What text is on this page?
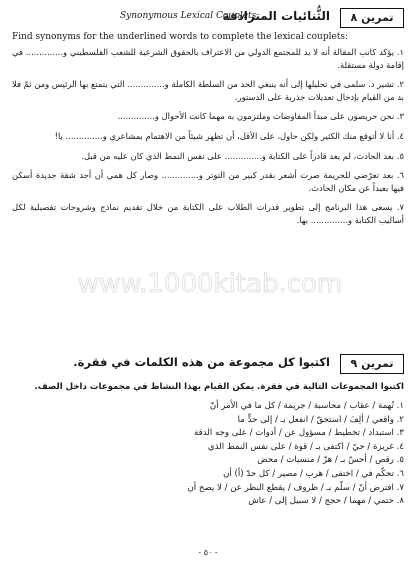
تمرين ٨
الثُّنائيات المترادفة
Synonymous Lexical Couplets
Find synonyms for the underlined words to complete the lexical couplets:
١. يؤكد كاتب المقالة أنه لا بد للمجتمع الدولي من الاعتراف بالحقوق الشرعية للشعب الفلسطيني و.............. في إقامة دولة مستقلة.
٢. تشير د. سلمى في تحليلها إلى أنه ينبغي الحد من السلطة الكاملة و.............. التي يتمتع بها الرئيس ومن ثمّ فلا بد من القيام بإدخال تعديلات جذرية على الدستور.
٣. نحن حريصون على مبدأ المفاوضات وملتزمون به مهما كانت الأحوال و..............
٤. أنا لا أتوقع منك الكثير ولكن حاول، على الأقل، أن تظهر شيئاً من الاهتمام بمشاعري و.............. يا!
٥. بعد الحادث، لم يعد قادراً على الكتابة و.............. على نفس النمط الذي كان عليه من قبل.
٦. بعد تعرّضي للجريمة صرت أشعر بقدر كبير من التوتر و.............. وصار كل همي أن أجد شقة جديدة أسكن فيها بعيداً عن مكان الحادث.
٧. يسعى هذا البرنامج إلى تطوير قدرات الطلاب على الكتابة من خلال تقديم نماذج وشروحات تفصيلية لكل أساليب الكتابة و.............. بها.
www.1000kitab.com
تمرين ٩
اكتبوا كل مجموعة من هذه الكلمات في فقرة.
اكتبوا المجموعات التالية في فقرة. يمكن القيام بهذا النشاط في مجموعات داخل الصف.
١. تُهمة / عقاب / محاسبة / جريمة / كل ما في الأمر أنّ
٢. واقعي / ألِفَ / استحقّ / انفعل بـ / إلى حدٍّ ما
٣. استبداد / تخطيط / مسؤول عن / أدوات / على وجه الدقة
٤. غريزة / حيّ / اكتفى بـ / قوة / على نفس النمط الذي
٥. رقص / أحسّ بـ / هزّ / منسبات / محض
٦. تحكّم في / اختفى / هرب / مصير / كل حدّ (أ) أن
٧. افترض أنّ / سلّم بـ / ظروف / يقطع النظر عن / لا يصح أن
٨. حتمي / مهما / حجج / لا سبيل إلى / عاش
- ٥٠ -
